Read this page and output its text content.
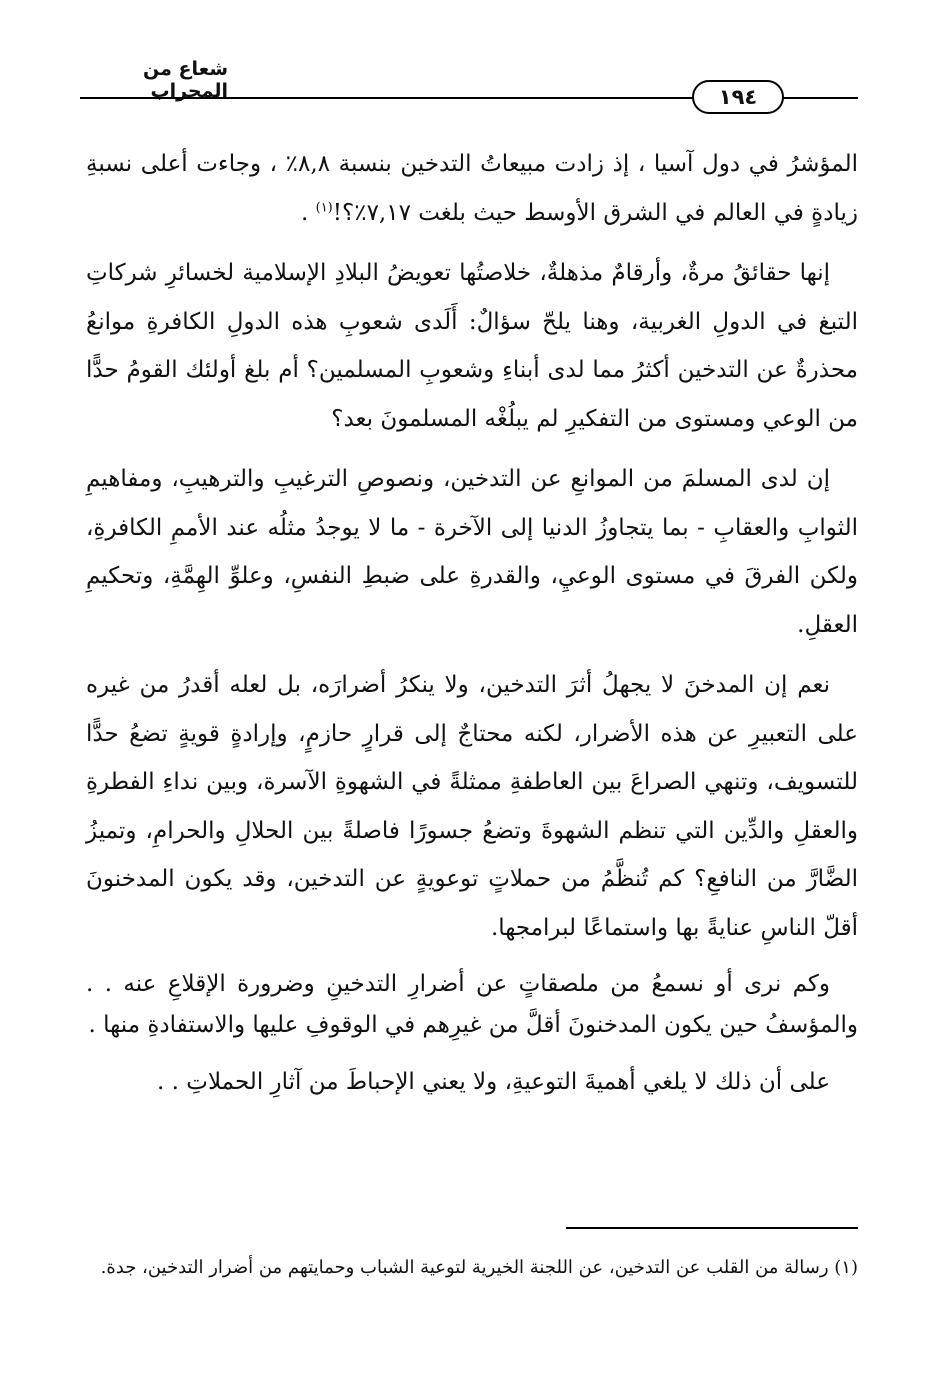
شعاع من المحراب	١٩٤

المؤشرُ في دول آسيا ، إذ زادت مبيعاتُ التدخين بنسبة ٨,٨٪ ، وجاءت أعلى نسبةِ زيادةٍ في العالم في الشرق الأوسط حيث بلغت ٧,١٧٪؟!$^{(١)}$ .

إنها حقائقُ مرةٌ، وأرقامٌ مذهلةٌ، خلاصتُها تعويضُ البلادِ الإسلامية لخسائرِ شركاتِ التبغ في الدولِ الغربية، وهنا يلحّ سؤالٌ: أَلَدى شعوبِ هذه الدولِ الكافرةِ موانعُ محذرةٌ عن التدخين أكثرُ مما لدى أبناءِ وشعوبِ المسلمين؟ أم بلغ أولئك القومُ حدًّا من الوعي ومستوى من التفكيرِ لم يبلُغْه المسلمونَ بعد؟

إن لدى المسلمَ من الموانعِ عن التدخين، ونصوصِ الترغيبِ والترهيبِ، ومفاهيمِ الثوابِ والعقابِ - بما يتجاوزُ الدنيا إلى الآخرة - ما لا يوجدُ مثلُه عند الأممِ الكافرةِ، ولكن الفرقَ في مستوى الوعيِ، والقدرةِ على ضبطِ النفسِ، وعلوِّ الهِمَّةِ، وتحكيمِ العقلِ.

نعم إن المدخنَ لا يجهلُ أثرَ التدخين، ولا ينكرُ أضرارَه، بل لعله أقدرُ من غيره على التعبيرِ عن هذه الأضرار، لكنه محتاجٌ إلى قرارٍ حازمٍ، وإرادةٍ قويةٍ تضعُ حدًّا للتسويف، وتنهي الصراعَ بين العاطفةِ ممثلةً في الشهوةِ الآسرة، وبين نداءِ الفطرةِ والعقلِ والدِّين التي تنظم الشهوةَ وتضعُ جسورًا فاصلةً بين الحلالِ والحرامِ، وتميزُ الضَّارَّ من النافعِ؟ كم تُنظَّمُ من حملاتٍ توعويةٍ عن التدخين، وقد يكون المدخنونَ أقلّ الناسِ عنايةً بها واستماعًا لبرامجها.

وكم نرى أو نسمعُ من ملصقاتٍ عن أضرارِ التدخينِ وضرورة الإقلاعِ عنه . . والمؤسفُ حين يكون المدخنونَ أقلَّ من غيرِهم في الوقوفِ عليها والاستفادةِ منها .

على أن ذلك لا يلغي أهميةَ التوعيةِ، ولا يعني الإحباطَ من آثارِ الحملاتِ . .

(١) رسالة من القلب عن التدخين، عن اللجنة الخيرية لتوعية الشباب وحمايتهم من أضرار التدخين، جدة.
